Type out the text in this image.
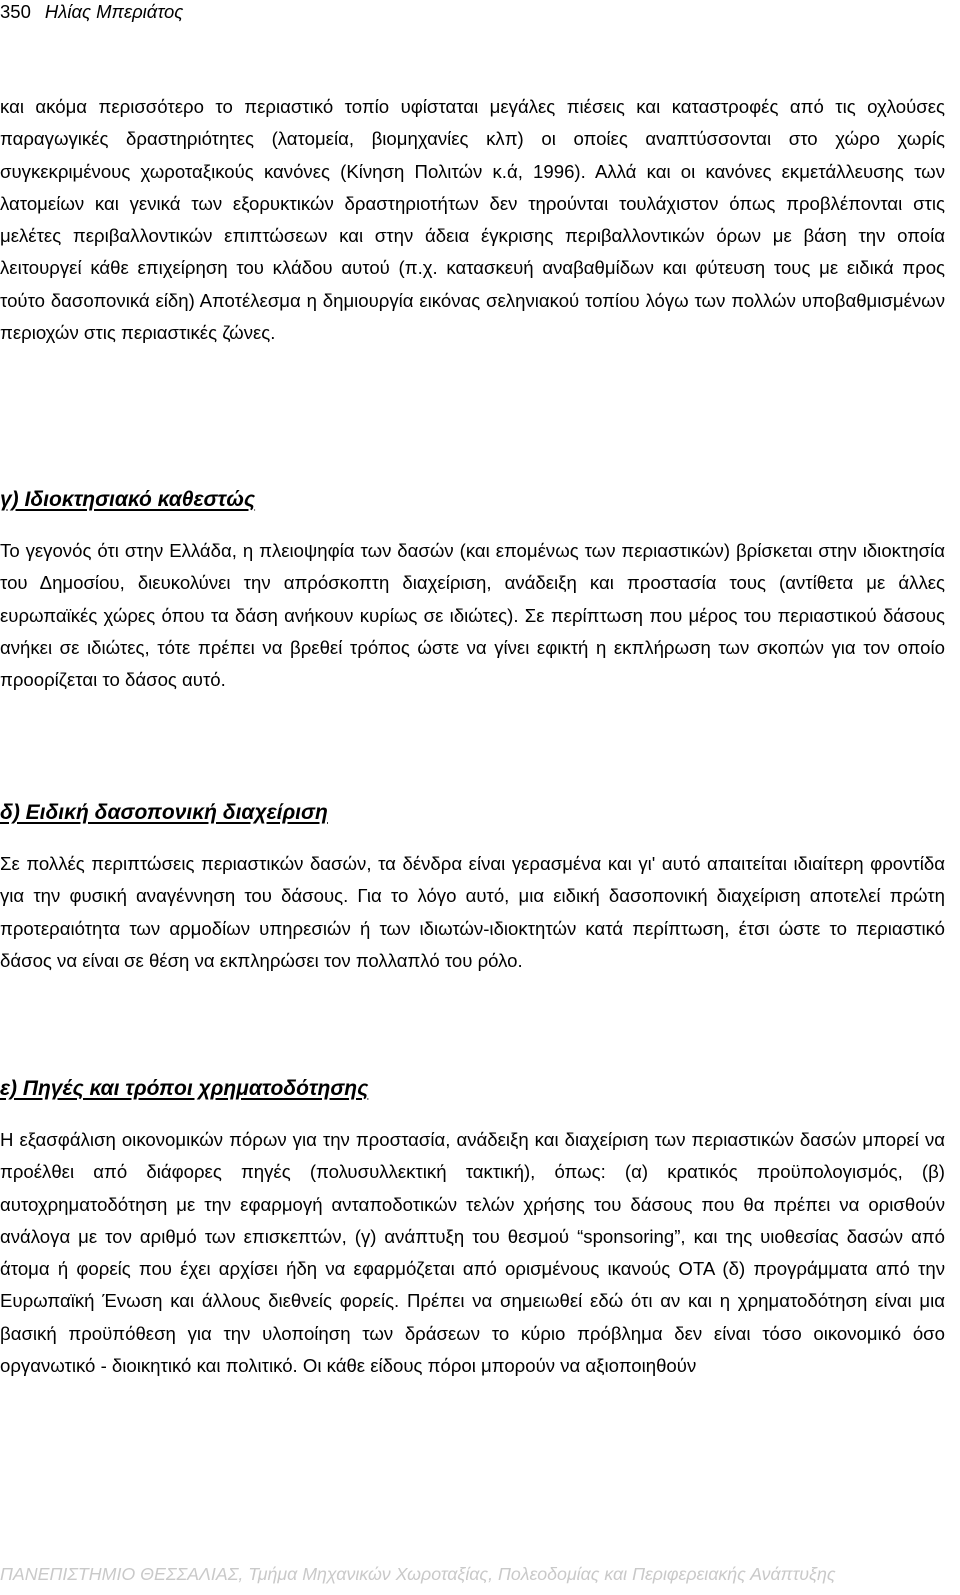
350 Ηλίας Μπεριάτος

και ακόμα περισσότερο το περιαστικό τοπίο υφίσταται μεγάλες πιέσεις και καταστροφές από τις οχλούσες παραγωγικές δραστηριότητες (λατομεία, βιομηχανίες κλπ) οι οποίες αναπτύσσονται στο χώρο χωρίς συγκεκριμένους χωροταξικούς κανόνες (Κίνηση Πολιτών κ.ά, 1996). Αλλά και οι κανόνες εκμετάλλευσης των λατομείων και γενικά των εξορυκτικών δραστηριοτήτων δεν τηρούνται τουλάχιστον όπως προβλέπονται στις μελέτες περιβαλλοντικών επιπτώσεων και στην άδεια έγκρισης περιβαλλοντικών όρων με βάση την οποία λειτουργεί κάθε επιχείρηση του κλάδου αυτού (π.χ. κατασκευή αναβαθμίδων και φύτευση τους με ειδικά προς τούτο δασοπονικά είδη) Αποτέλεσμα η δημιουργία εικόνας σεληνιακού τοπίου λόγω των πολλών υποβαθμισμένων περιοχών στις περιαστικές ζώνες.

γ) Ιδιοκτησιακό καθεστώς

Το γεγονός ότι στην Ελλάδα, η πλειοψηφία των δασών (και επομένως των περιαστικών) βρίσκεται στην ιδιοκτησία του Δημοσίου, διευκολύνει την απρόσκοπτη διαχείριση, ανάδειξη και προστασία τους (αντίθετα με άλλες ευρωπαϊκές χώρες όπου τα δάση ανήκουν κυρίως σε ιδιώτες). Σε περίπτωση που μέρος του περιαστικού δάσους ανήκει σε ιδιώτες, τότε πρέπει να βρεθεί τρόπος ώστε να γίνει εφικτή η εκπλήρωση των σκοπών για τον οποίο προορίζεται το δάσος αυτό.

δ) Ειδική δασοπονική διαχείριση

Σε πολλές περιπτώσεις περιαστικών δασών, τα δένδρα είναι γερασμένα και γι' αυτό απαιτείται ιδιαίτερη φροντίδα για την φυσική αναγέννηση του δάσους. Για το λόγο αυτό, μια ειδική δασοπονική διαχείριση αποτελεί πρώτη προτεραιότητα των αρμοδίων υπηρεσιών ή των ιδιωτών-ιδιοκτητών κατά περίπτωση, έτσι ώστε το περιαστικό δάσος να είναι σε θέση να εκπληρώσει τον πολλαπλό του ρόλο.

ε) Πηγές και τρόποι χρηματοδότησης

Η εξασφάλιση οικονομικών πόρων για την προστασία, ανάδειξη και διαχείριση των περιαστικών δασών μπορεί να προέλθει από διάφορες πηγές (πολυσυλλεκτική τακτική), όπως: (α) κρατικός προϋπολογισμός, (β) αυτοχρηματοδότηση με την εφαρμογή ανταποδοτικών τελών χρήσης του δάσους που θα πρέπει να ορισθούν ανάλογα με τον αριθμό των επισκεπτών, (γ) ανάπτυξη του θεσμού “sponsoring”, και της υιοθεσίας δασών από άτομα ή φορείς που έχει αρχίσει ήδη να εφαρμόζεται από ορισμένους ικανούς ΟΤΑ (δ) προγράμματα από την Ευρωπαϊκή Ένωση και άλλους διεθνείς φορείς. Πρέπει να σημειωθεί εδώ ότι αν και η χρηματοδότηση είναι μια βασική προϋπόθεση για την υλοποίηση των δράσεων το κύριο πρόβλημα δεν είναι τόσο οικονομικό όσο οργανωτικό - διοικητικό και πολιτικό. Οι κάθε είδους πόροι μπορούν να αξιοποιηθούν

ΠΑΝΕΠΙΣΤΗΜΙΟ ΘΕΣΣΑΛΙΑΣ, Τμήμα Μηχανικών Χωροταξίας, Πολεοδομίας και Περιφερειακής Ανάπτυξης
